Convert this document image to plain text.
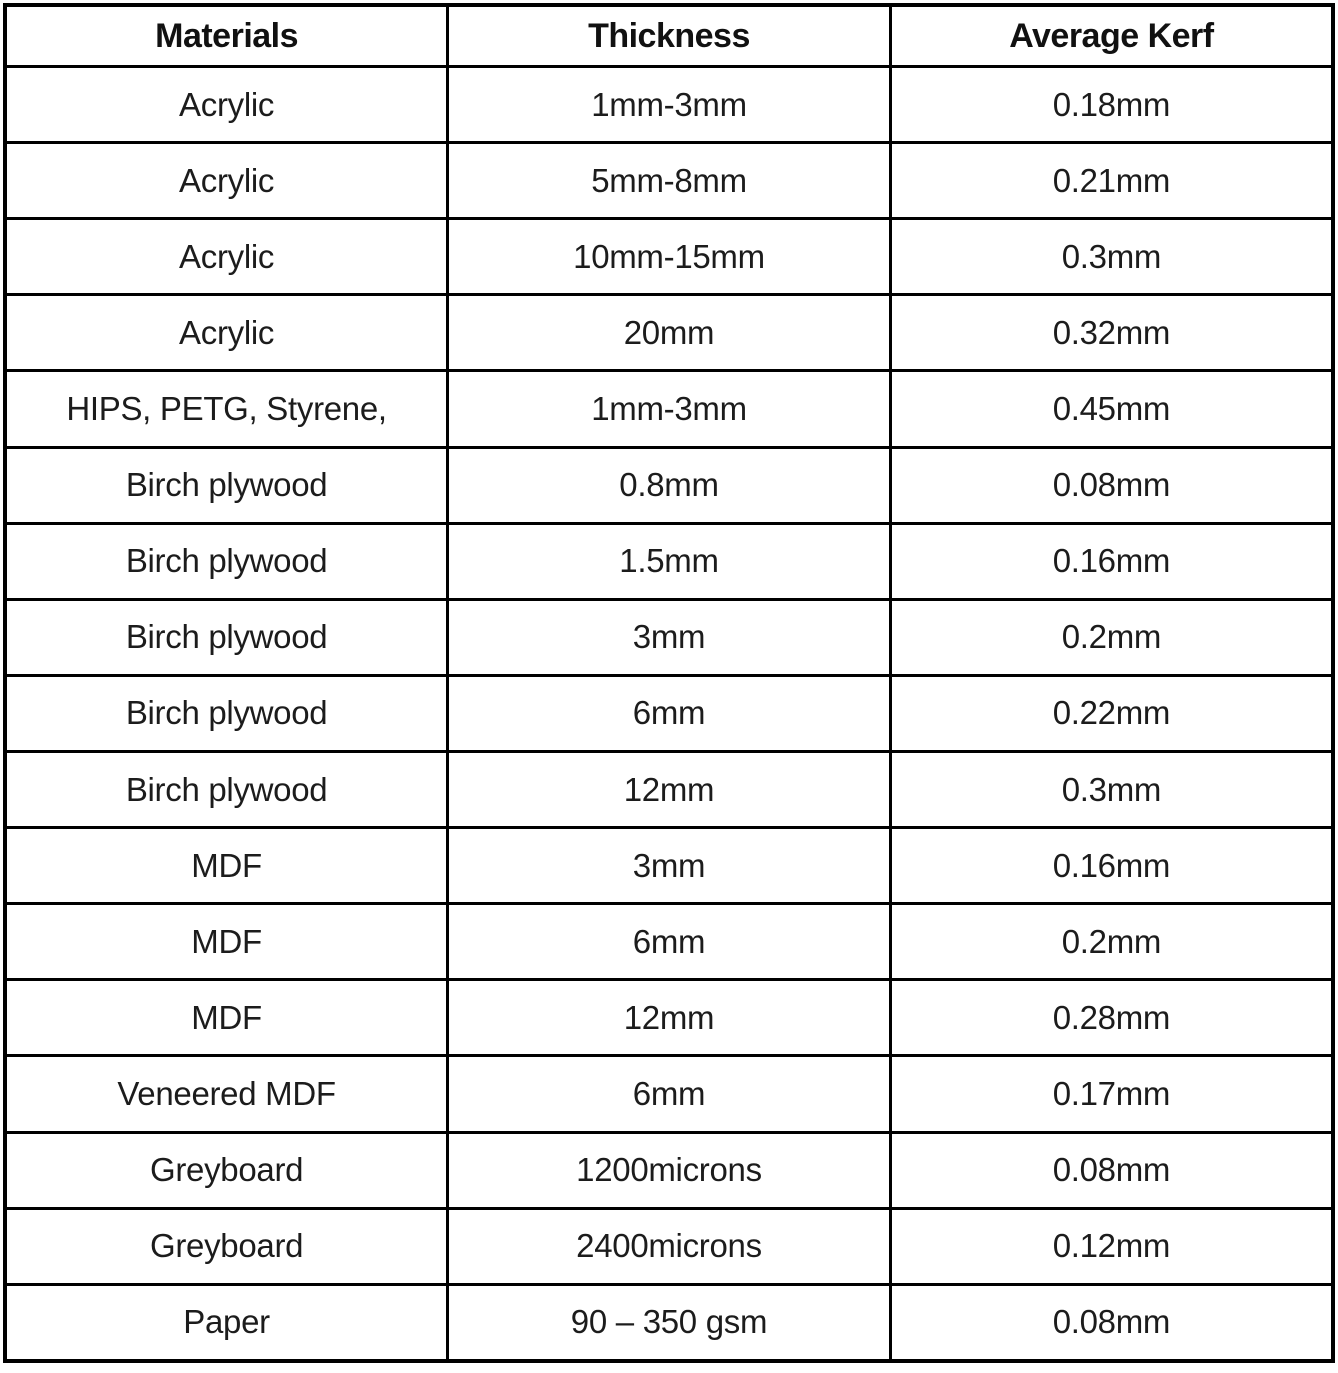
Materials	Thickness	Average Kerf
Acrylic	1mm-3mm	0.18mm
Acrylic	5mm-8mm	0.21mm
Acrylic	10mm-15mm	0.3mm
Acrylic	20mm	0.32mm
HIPS, PETG, Styrene,	1mm-3mm	0.45mm
Birch plywood	0.8mm	0.08mm
Birch plywood	1.5mm	0.16mm
Birch plywood	3mm	0.2mm
Birch plywood	6mm	0.22mm
Birch plywood	12mm	0.3mm
MDF	3mm	0.16mm
MDF	6mm	0.2mm
MDF	12mm	0.28mm
Veneered MDF	6mm	0.17mm
Greyboard	1200microns	0.08mm
Greyboard	2400microns	0.12mm
Paper	90 – 350 gsm	0.08mm
